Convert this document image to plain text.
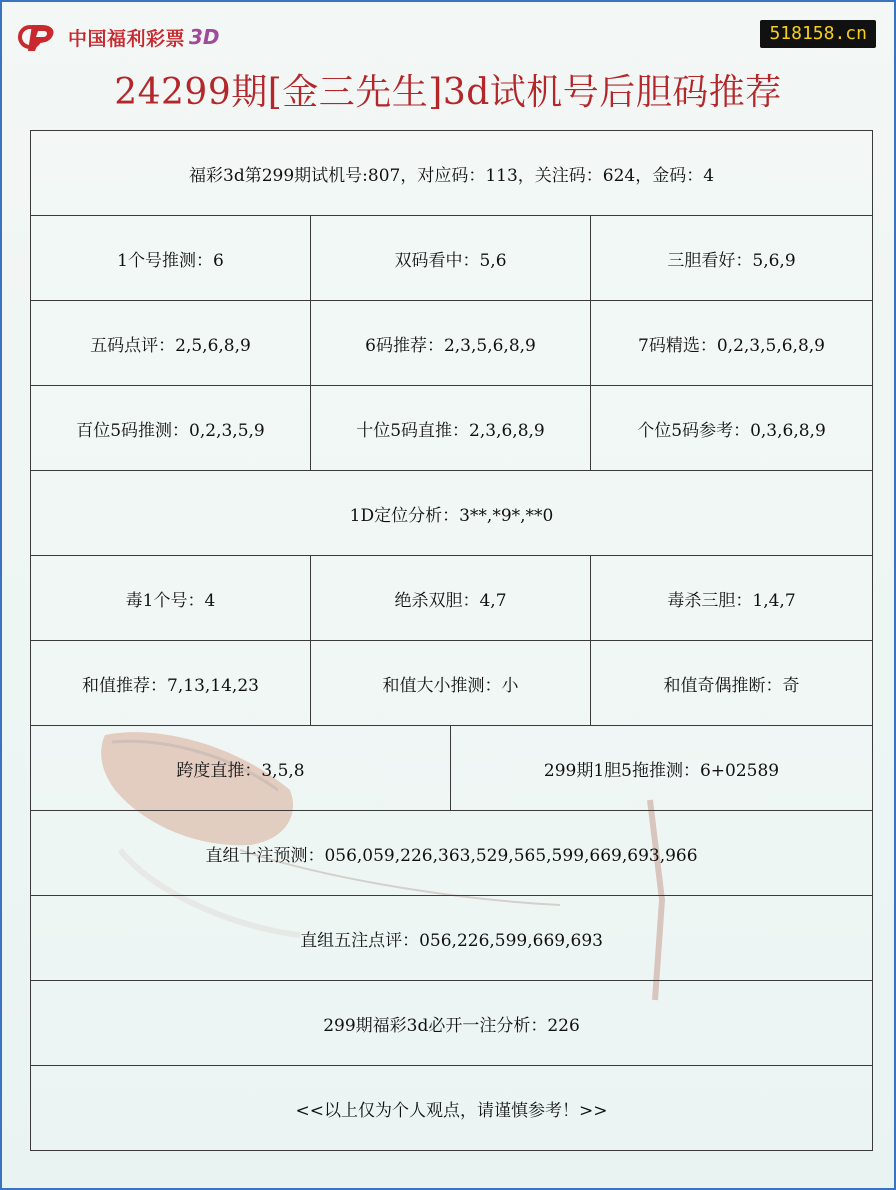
中国福利彩票 3D	518158.cn
24299期[金三先生]3d试机号后胆码推荐
福彩3d第299期试机号:807，对应码：113，关注码：624，金码：4			
1个号推测：6	双码看中：5,6		三胆看好：5,6,9
五码点评：2,5,6,8,9	6码推荐：2,3,5,6,8,9		7码精选：0,2,3,5,6,8,9
百位5码推测：0,2,3,5,9	十位5码直推：2,3,6,8,9		个位5码参考：0,3,6,8,9
1D定位分析：3**,*9*,**0			
毒1个号：4	绝杀双胆：4,7		毒杀三胆：1,4,7
和值推荐：7,13,14,23	和值大小推测：小		和值奇偶推断：奇
跨度直推：3,5,8		299期1胆5拖推测：6+02589	
直组十注预测：056,059,226,363,529,565,599,669,693,966			
直组五注点评：056,226,599,669,693			
299期福彩3d必开一注分析：226			
<<以上仅为个人观点，请谨慎参考！>>			
